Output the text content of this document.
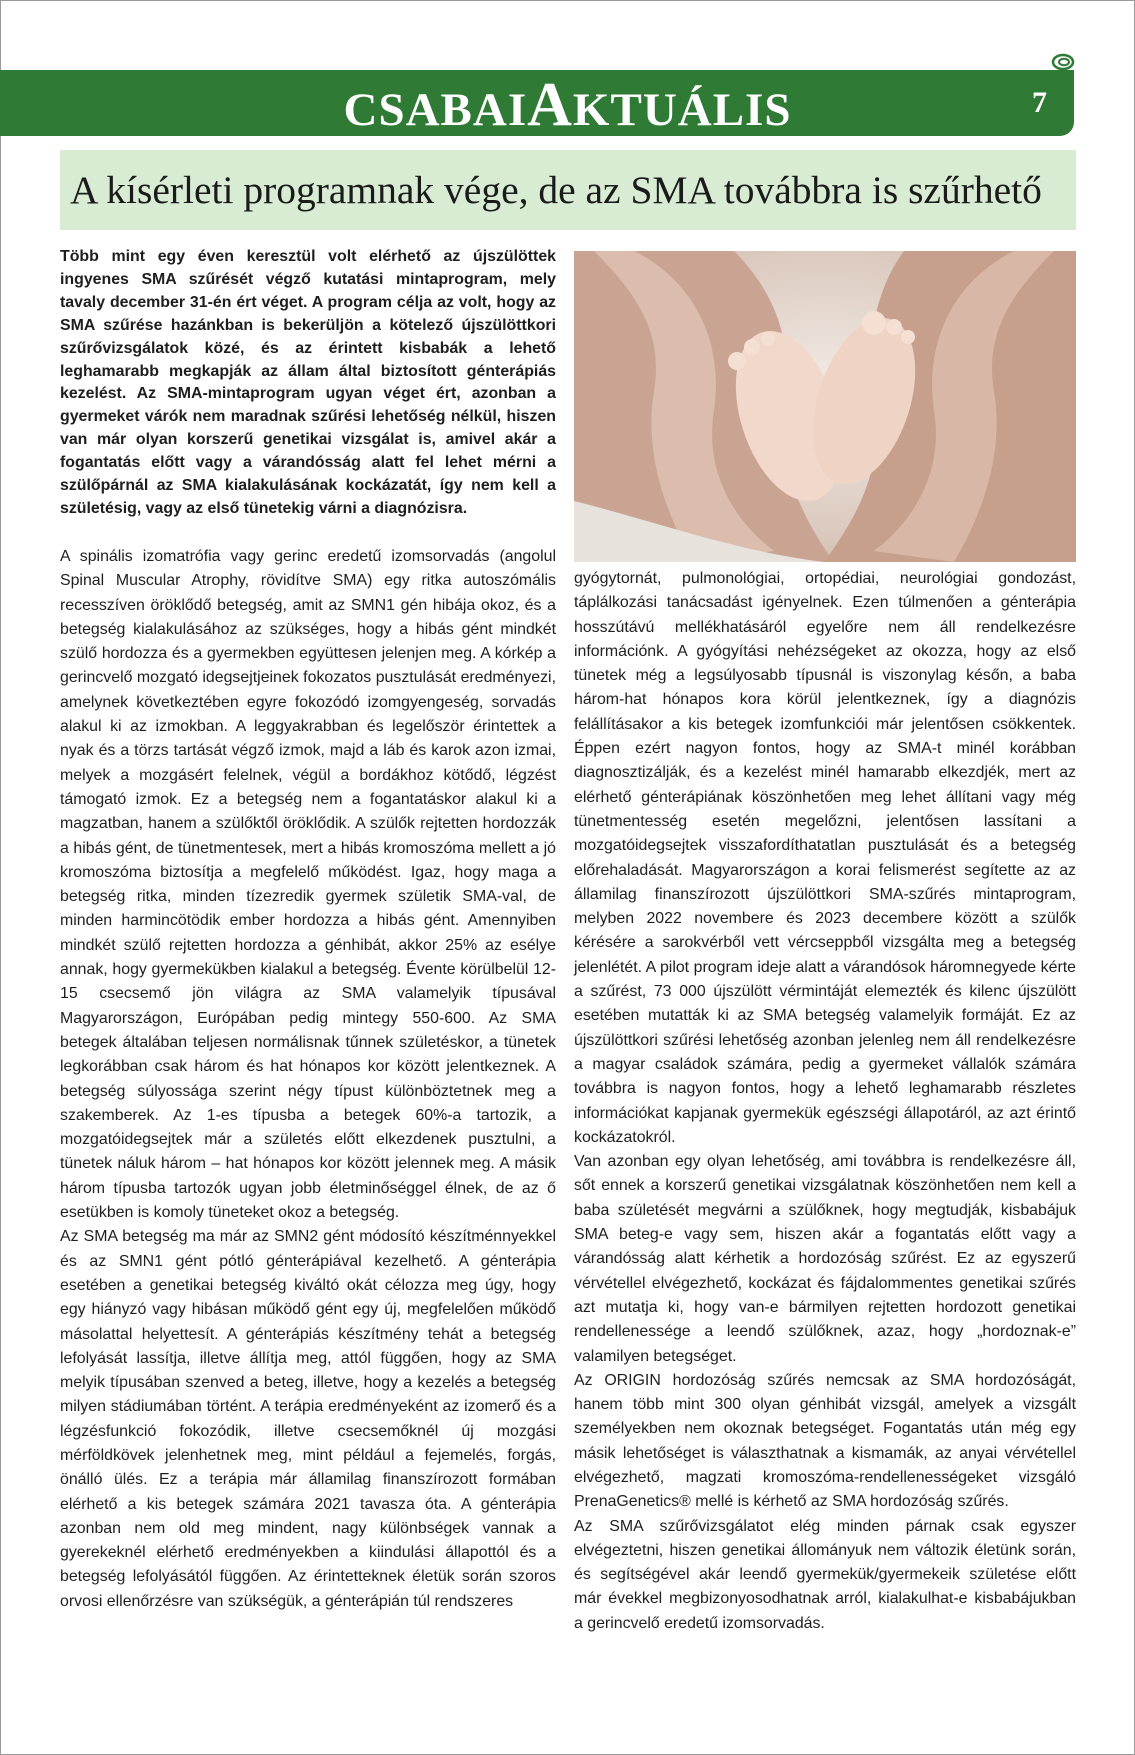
CSABAIAKTUÁLIS	7
A kísérleti programnak vége, de az SMA továbbra is szűrhető

Több mint egy éven keresztül volt elérhető az újszülöttek ingyenes SMA szűrését végző kutatási mintaprogram, mely tavaly december 31-én ért véget. A program célja az volt, hogy az SMA szűrése hazánkban is bekerüljön a kötelező újszülöttkori szűrővizsgálatok közé, és az érintett kisbabák a lehető leghamarabb megkapják az állam által biztosított génterápiás kezelést. Az SMA-mintaprogram ugyan véget ért, azonban a gyermeket várók nem maradnak szűrési lehetőség nélkül, hiszen van már olyan korszerű genetikai vizsgálat is, amivel akár a fogantatás előtt vagy a várandósság alatt fel lehet mérni a szülőpárnál az SMA kialakulásának kockázatát, így nem kell a születésig, vagy az első tünetekig várni a diagnózisra.

A spinális izomatrófia vagy gerinc eredetű izomsorvadás (angolul Spinal Muscular Atrophy, rövidítve SMA) egy ritka autoszómális recesszíven öröklődő betegség, amit az SMN1 gén hibája okoz, és a betegség kialakulásához az szükséges, hogy a hibás gént mindkét szülő hordozza és a gyermekben együttesen jelenjen meg. A kórkép a gerincvelő mozgató idegsejtjeinek fokozatos pusztulását eredményezi, amelynek következtében egyre fokozódó izomgyengeség, sorvadás alakul ki az izmokban. A leggyakrabban és legelőször érintettek a nyak és a törzs tartását végző izmok, majd a láb és karok azon izmai, melyek a mozgásért felelnek, végül a bordákhoz kötődő, légzést támogató izmok. Ez a betegség nem a fogantatáskor alakul ki a magzatban, hanem a szülőktől öröklődik. A szülők rejtetten hordozzák a hibás gént, de tünetmentesek, mert a hibás kromoszóma mellett a jó kromoszóma biztosítja a megfelelő működést. Igaz, hogy maga a betegség ritka, minden tízezredik gyermek születik SMA-val, de minden harmincötödik ember hordozza a hibás gént. Amennyiben mindkét szülő rejtetten hordozza a génhibát, akkor 25% az esélye annak, hogy gyermekükben kialakul a betegség. Évente körülbelül 12-15 csecsemő jön világra az SMA valamelyik típusával Magyarországon, Európában pedig mintegy 550-600. Az SMA betegek általában teljesen normálisnak tűnnek születéskor, a tünetek legkorábban csak három és hat hónapos kor között jelentkeznek. A betegség súlyossága szerint négy típust különböztetnek meg a szakemberek. Az 1-es típusba a betegek 60%-a tartozik, a mozgatóidegsejtek már a születés előtt elkezdenek pusztulni, a tünetek náluk három – hat hónapos kor között jelennek meg. A másik három típusba tartozók ugyan jobb életminőséggel élnek, de az ő esetükben is komoly tüneteket okoz a betegség.

Az SMA betegség ma már az SMN2 gént módosító készítménnyekkel és az SMN1 gént pótló génterápiával kezelhető. A génterápia esetében a genetikai betegség kiváltó okát célozza meg úgy, hogy egy hiányzó vagy hibásan működő gént egy új, megfelelően működő másolattal helyettesít. A génterápiás készítmény tehát a betegség lefolyását lassítja, illetve állítja meg, attól függően, hogy az SMA melyik típusában szenved a beteg, illetve, hogy a kezelés a betegség milyen stádiumában történt. A terápia eredményeként az izomerő és a légzésfunkció fokozódik, illetve csecsemőknél új mozgási mérföldkövek jelenhetnek meg, mint például a fejemelés, forgás, önálló ülés. Ez a terápia már államilag finanszírozott formában elérhető a kis betegek számára 2021 tavasza óta. A génterápia azonban nem old meg mindent, nagy különbségek vannak a gyerekeknél elérhető eredményekben a kiindulási állapottól és a betegség lefolyásától függően. Az érintetteknek életük során szoros orvosi ellenőrzésre van szükségük, a génterápián túl rendszeres

gyógytornát, pulmonológiai, ortopédiai, neurológiai gondozást, táplálkozási tanácsadást igényelnek. Ezen túlmenően a génterápia hosszútávú mellékhatásáról egyelőre nem áll rendelkezésre információnk. A gyógyítási nehézségeket az okozza, hogy az első tünetek még a legsúlyosabb típusnál is viszonylag későn, a baba három-hat hónapos kora körül jelentkeznek, így a diagnózis felállításakor a kis betegek izomfunkciói már jelentősen csökkentek. Éppen ezért nagyon fontos, hogy az SMA-t minél korábban diagnosztizálják, és a kezelést minél hamarabb elkezdjék, mert az elérhető génterápiának köszönhetően meg lehet állítani vagy még tünetmentesség esetén megelőzni, jelentősen lassítani a mozgatóidegsejtek visszafordíthatatlan pusztulását és a betegség előrehaladását. Magyarországon a korai felismerést segítette az az államilag finanszírozott újszülöttkori SMA-szűrés mintaprogram, melyben 2022 novembere és 2023 decembere között a szülők kérésére a sarokvérből vett vércseppből vizsgálta meg a betegség jelenlétét. A pilot program ideje alatt a várandósok háromnegyede kérte a szűrést, 73 000 újszülött vérmintáját elemezték és kilenc újszülött esetében mutatták ki az SMA betegség valamelyik formáját. Ez az újszülöttkori szűrési lehetőség azonban jelenleg nem áll rendelkezésre a magyar családok számára, pedig a gyermeket vállalók számára továbbra is nagyon fontos, hogy a lehető leghamarabb részletes információkat kapjanak gyermekük egészségi állapotáról, az azt érintő kockázatokról.

Van azonban egy olyan lehetőség, ami továbbra is rendelkezésre áll, sőt ennek a korszerű genetikai vizsgálatnak köszönhetően nem kell a baba születését megvárni a szülőknek, hogy megtudják, kisbabájuk SMA beteg-e vagy sem, hiszen akár a fogantatás előtt vagy a várandósság alatt kérhetik a hordozóság szűrést. Ez az egyszerű vérvétellel elvégezhető, kockázat és fájdalommentes genetikai szűrés azt mutatja ki, hogy van-e bármilyen rejtetten hordozott genetikai rendellenessége a leendő szülőknek, azaz, hogy „hordoznak-e” valamilyen betegséget.

Az ORIGIN hordozóság szűrés nemcsak az SMA hordozóságát, hanem több mint 300 olyan génhibát vizsgál, amelyek a vizsgált személyekben nem okoznak betegséget. Fogantatás után még egy másik lehetőséget is választhatnak a kismamák, az anyai vérvétellel elvégezhető, magzati kromoszóma-rendellenességeket vizsgáló PrenaGenetics® mellé is kérhető az SMA hordozóság szűrés.

Az SMA szűrővizsgálatot elég minden párnak csak egyszer elvégeztetni, hiszen genetikai állományuk nem változik életünk során, és segítségével akár leendő gyermekük/gyermekeik születése előtt már évekkel megbizonyosodhatnak arról, kialakulhat-e kisbabájukban a gerincvelő eredetű izomsorvadás.
